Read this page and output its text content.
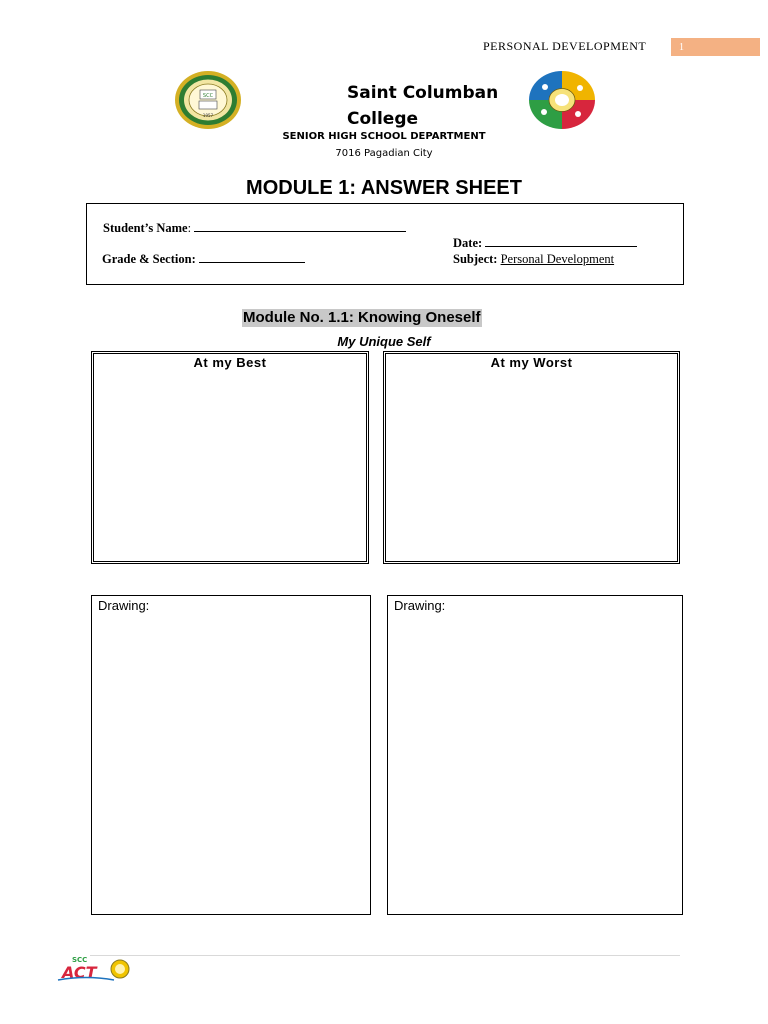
PERSONAL DEVELOPMENT	1
SCC
1957
Saint Columban College
SENIOR HIGH SCHOOL DEPARTMENT
7016 Pagadian City
MODULE 1: ANSWER SHEET
Student’s Name:
Date:
Grade & Section:	Subject: Personal Development
Module No. 1.1: Knowing Oneself
My Unique Self
At my Best	At my Worst
Drawing:	Drawing:
SCC
ACT
